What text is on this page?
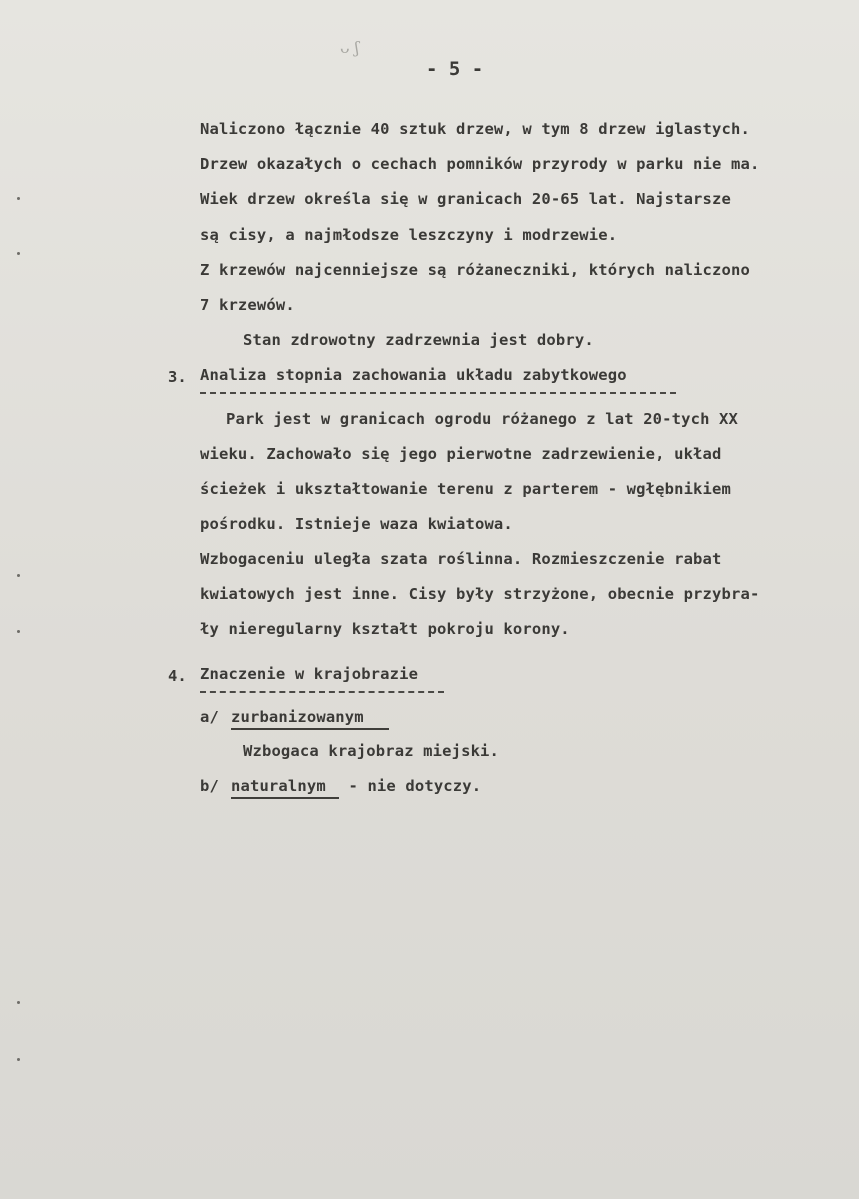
ᴗ ʃ
- 5 -
Naliczono łącznie 40 sztuk drzew, w tym 8 drzew iglastych.
Drzew okazałych o cechach pomników przyrody w parku nie ma.
Wiek drzew określa się w granicach 20-65 lat. Najstarsze
są cisy, a najmłodsze leszczyny i modrzewie.
Z krzewów najcenniejsze są różaneczniki, których naliczono
7 krzewów.
Stan zdrowotny zadrzewnia jest dobry.
3. Analiza stopnia zachowania układu zabytkowego
Park jest w granicach ogrodu różanego z lat 20-tych XX
wieku. Zachowało się jego pierwotne zadrzewienie, układ
ścieżek i ukształtowanie terenu z parterem - wgłębnikiem
pośrodku. Istnieje waza kwiatowa.
Wzbogaceniu uległa szata roślinna. Rozmieszczenie rabat
kwiatowych jest inne. Cisy były strzyżone, obecnie przybra-
ły nieregularny kształt pokroju korony.
4. Znaczenie w krajobrazie
a/ zurbanizowanym
Wzbogaca krajobraz miejski.
b/ naturalnym - nie dotyczy.
